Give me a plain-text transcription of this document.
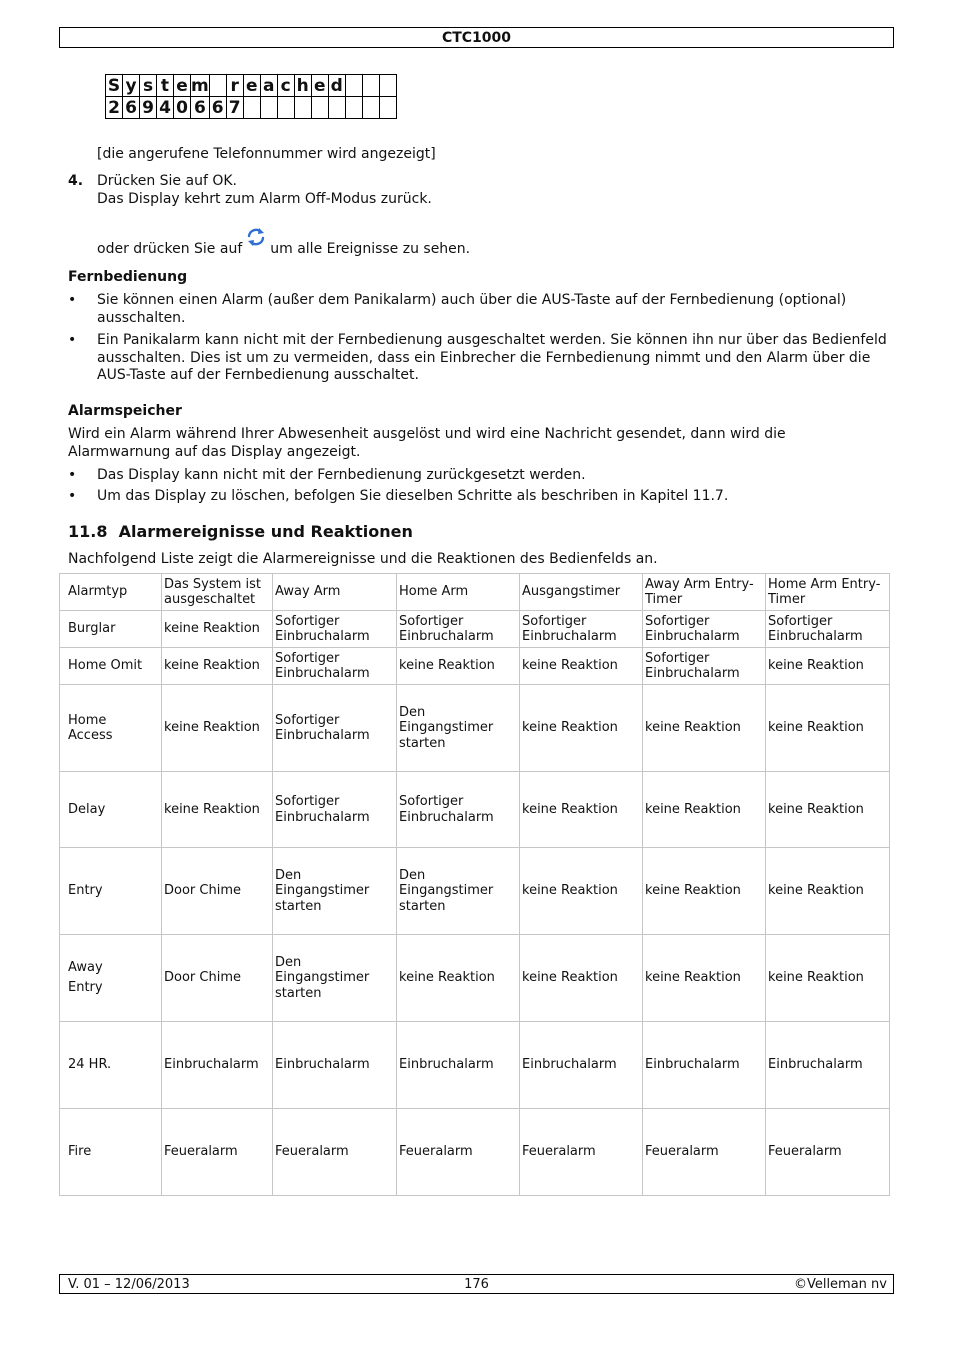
CTC1000
S	y	s	t	e	m		r	e	a	c	h	e	d			
2	6	9	4	0	6	6	7									
[die angerufene Telefonnummer wird angezeigt]
4. Drücken Sie auf OK.
Das Display kehrt zum Alarm Off-Modus zurück.
oder drücken Sie auf um alle Ereignisse zu sehen.
Fernbedienung
• Sie können einen Alarm (außer dem Panikalarm) auch über die AUS-Taste auf der Fernbedienung (optional) ausschalten.
• Ein Panikalarm kann nicht mit der Fernbedienung ausgeschaltet werden. Sie können ihn nur über das Bedienfeld ausschalten. Dies ist um zu vermeiden, dass ein Einbrecher die Fernbedienung nimmt und den Alarm über die AUS-Taste auf der Fernbedienung ausschaltet.
Alarmspeicher
Wird ein Alarm während Ihrer Abwesenheit ausgelöst und wird eine Nachricht gesendet, dann wird die Alarmwarnung auf das Display angezeigt.
• Das Display kann nicht mit der Fernbedienung zurückgesetzt werden.
• Um das Display zu löschen, befolgen Sie dieselben Schritte als beschriben in Kapitel 11.7.
11.8 Alarmereignisse und Reaktionen
Nachfolgend Liste zeigt die Alarmereignisse und die Reaktionen des Bedienfelds an.
Alarmtyp	Das System ist ausgeschaltet	Away Arm	Home Arm	Ausgangstimer	Away Arm Entry-Timer	Home Arm Entry-Timer
Burglar	keine Reaktion	Sofortiger Einbruchalarm	Sofortiger Einbruchalarm	Sofortiger Einbruchalarm	Sofortiger Einbruchalarm	Sofortiger Einbruchalarm
Home Omit	keine Reaktion	Sofortiger Einbruchalarm	keine Reaktion	keine Reaktion	Sofortiger Einbruchalarm	keine Reaktion

Home Access	keine Reaktion	Sofortiger Einbruchalarm	Den Eingangstimer starten	keine Reaktion	keine Reaktion	keine Reaktion
Delay	keine Reaktion	Sofortiger Einbruchalarm	Sofortiger Einbruchalarm	keine Reaktion	keine Reaktion	keine Reaktion
Entry	Door Chime	Den Eingangstimer starten	Den Eingangstimer starten	keine Reaktion	keine Reaktion	keine Reaktion

Away Entry	Door Chime	Den Eingangstimer starten	keine Reaktion	keine Reaktion	keine Reaktion	keine Reaktion
24 HR.	Einbruchalarm	Einbruchalarm	Einbruchalarm	Einbruchalarm	Einbruchalarm	Einbruchalarm
Fire	Feueralarm	Feueralarm	Feueralarm	Feueralarm	Feueralarm	Feueralarm
V. 01 – 12/06/2013	176	©Velleman nv
